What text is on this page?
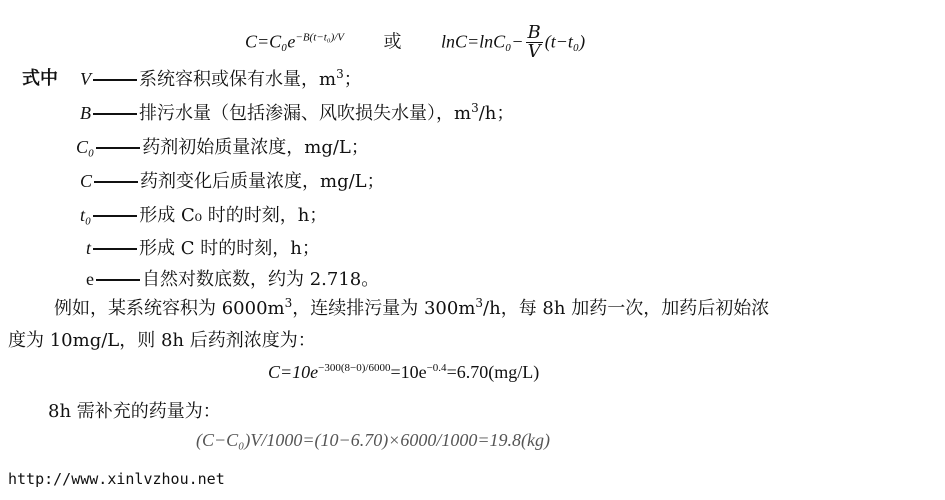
$C=C_0e^{-B(t-t_0)/V}$ 或 $\ln C=\ln C_0- \frac{B}{V} (t-t_0)$
式中 V	系统容积或保有水量，$m^3$；
B	排污水量（包括渗漏、风吹损失水量），$m^3/h$；
C₀	药剂初始质量浓度，mg/L；
C	药剂变化后质量浓度，mg/L；
t₀	形成 C₀ 时的时刻，h；
t	形成 C 时的时刻，h；
e	自然对数底数，约为 2.718。
例如，某系统容积为 $6000m^3$，连续排污量为 $300m^3/h$，每 8h 加药一次，加药后初始浓
度为 10mg/L，则 8h 后药剂浓度为：
$C=10e^{-300(8-0)/6000}=10e^{-0.4}=6.70(mg/L)$
8h 需补充的药量为：
(C−C₀)V/1000=(10−6.70)×6000/1000=19.8(kg)
http://www.xinlvzhou.net
